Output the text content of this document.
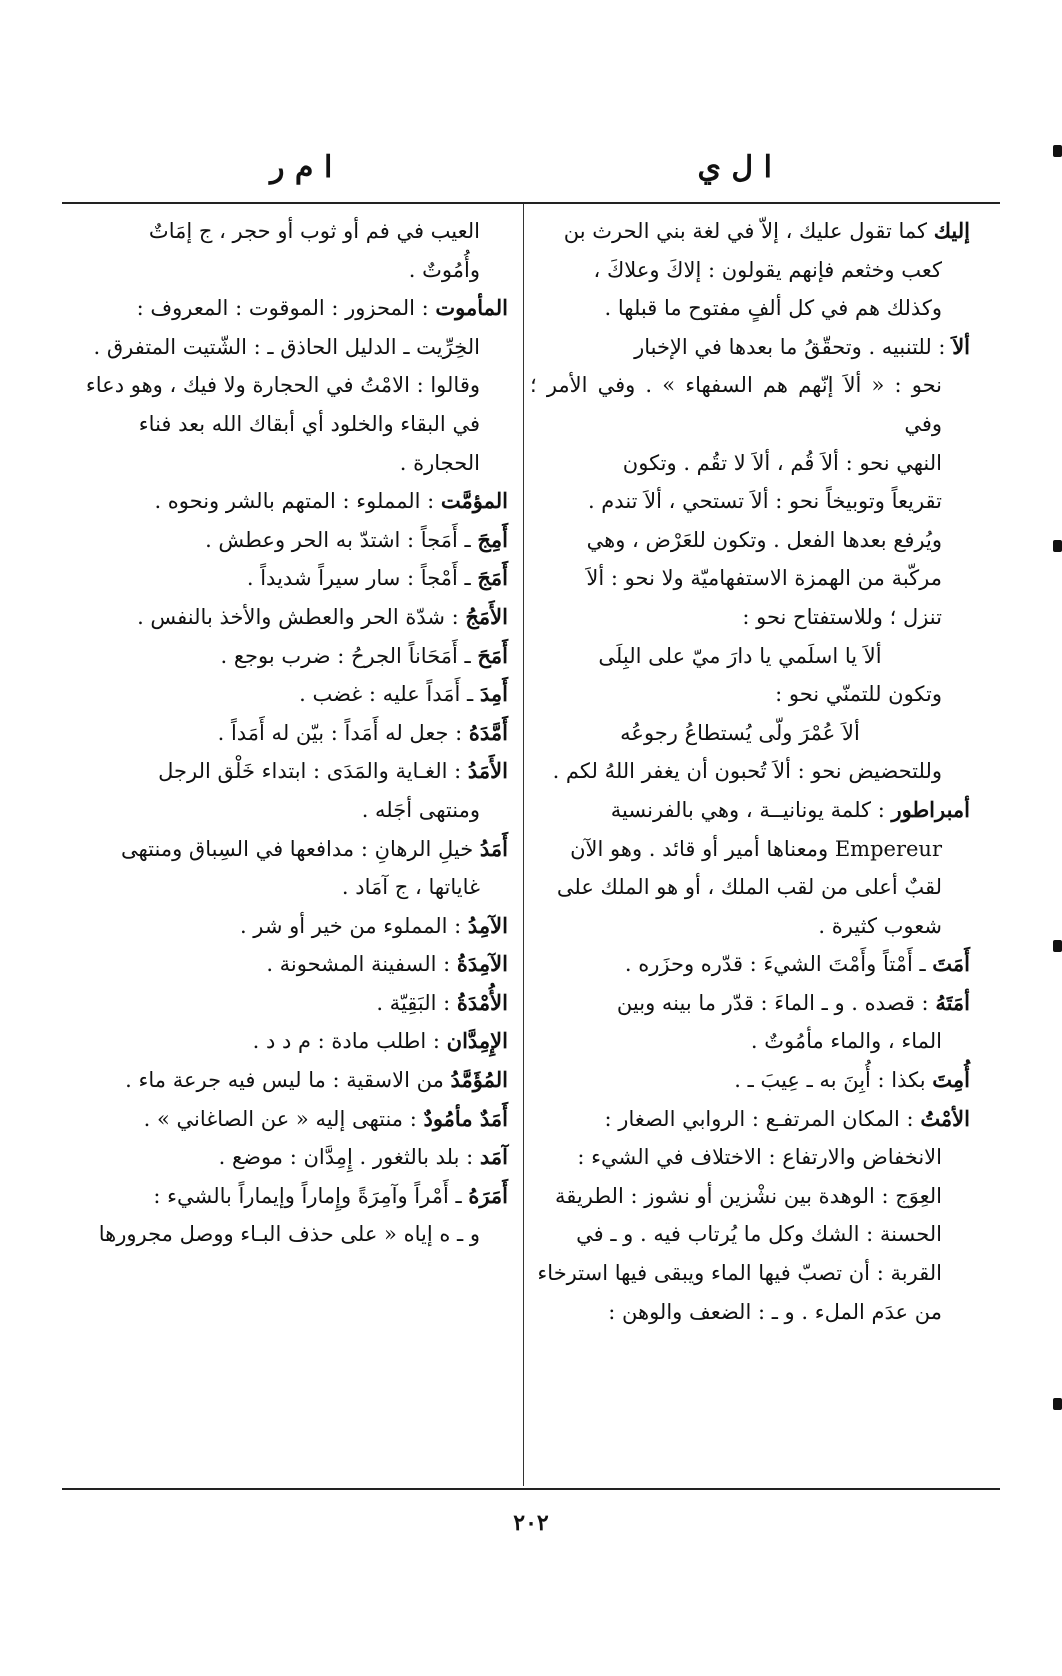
ا ل ي
ا م ر

إليك كما تقول عليك ، إلاّ في لغة بني الحرث بن

كعب وخثعم فإنهم يقولون : إلاكَ وعلاكَ ،

وكذلك هم في كل ألفٍ مفتوح ما قبلها .

ألاَ : للتنبيه . وتحقّقُ ما بعدها في الإخبار

نحو : « ألاَ إنّهم هم السفهاء » . وفي الأمر ؛ وفي

النهي نحو : ألاَ قُم ، ألاَ لا تقُم . وتكون

تقريعاً وتوبيخاً نحو : ألاَ تستحي ، ألاَ تندم .

ويُرفع بعدها الفعل . وتكون للعَرْض ، وهي

مركّبة من الهمزة الاستفهاميّة ولا نحو : ألاَ

تنزل ؛ وللاستفتاح نحو :

ألاَ يا اسلَمي يا دارَ ميّ على البِلَى

وتكون للتمنّي نحو :

ألاَ عُمْرَ ولّى يُستطاعُ رجوعُه

وللتحضيض نحو : ألاَ تُحبون أن يغفر اللهُ لكم .

أمبراطور : كلمة يونانيــة ، وهي بالفرنسية

Empereur ومعناها أمير أو قائد . وهو الآن

لقبٌ أعلى من لقب الملك ، أو هو الملك على

شعوب كثيرة .

أَمَتَ ـ أَمْتاً وأَمْتَ الشيءَ : قدّره وحزَره .

أمَتَهُ : قصده . و ـ الماءَ : قدّر ما بينه وبين

الماء ، والماء مأمُوتٌ .

أُمِتَ بكذا : أُبِنَ به ـ عِيبَ ـ .

الأمْتُ : المكان المرتفـع : الروابي الصغار :

الانخفاض والارتفاع : الاختلاف في الشيء :

العِوَج : الوهدة بين نشْزين أو نشوز : الطريقة

الحسنة : الشك وكل ما يُرتاب فيه . و ـ في

القربة : أن تصبّ فيها الماء ويبقى فيها استرخاء

من عدَم الملء . و ـ : الضعف والوهن :

العيب في فم أو ثوب أو حجر ، ج إمَاتٌ

وأُمُوتٌ .

المأموت : المحزور : الموقوت : المعروف :

الخِرِّيت ـ الدليل الحاذق ـ : الشّتيت المتفرق .

وقالوا : الامْتُ في الحجارة ولا فيك ، وهو دعاء

في البقاء والخلود أي أبقاك الله بعد فناء

الحجارة .

المؤمَّت : المملوء : المتهم بالشر ونحوه .

أَمِجَ ـ أَمَجاً : اشتدّ به الحر وعطش .

أَمَجَ ـ أَمْجاً : سار سيراً شديداً .

الأَمَجُ : شدّة الحر والعطش والأخذ بالنفس .

أَمَحَ ـ أَمَحَاناً الجرحُ : ضرب بوجع .

أَمِدَ ـ أَمَداً عليه : غضب .

أَمَّدَهُ : جعل له أَمَداً : بيّن له أَمَداً .

الأَمَدُ : الغـاية والمَدَى : ابتداء خَلْق الرجل

ومنتهى أجَله .

أَمَدُ خيلِ الرهانِ : مدافعها في السِباق ومنتهى

غاياتها ، ج آمَاد .

الآمِدُ : المملوء من خير أو شر .

الآمِدَةُ : السفينة المشحونة .

الأُمْدَةُ : البَقِيّة .

الإِمِدَّان : اطلب مادة : م د د .

المُؤَمَّدُ من الاسقية : ما ليس فيه جرعة ماء .

أَمَدٌ مأمُودٌ : منتهى إليه « عن الصاغاني » .

آمَد : بلد بالثغور . إِمِدَّان : موضع .

أَمَرَهُ ـ أَمْراً وآمِرَةً وإِماراً وإيماراً بالشيء :

و ـ ه إياه « على حذف البـاء ووصل مجرورها

٢٠٢
